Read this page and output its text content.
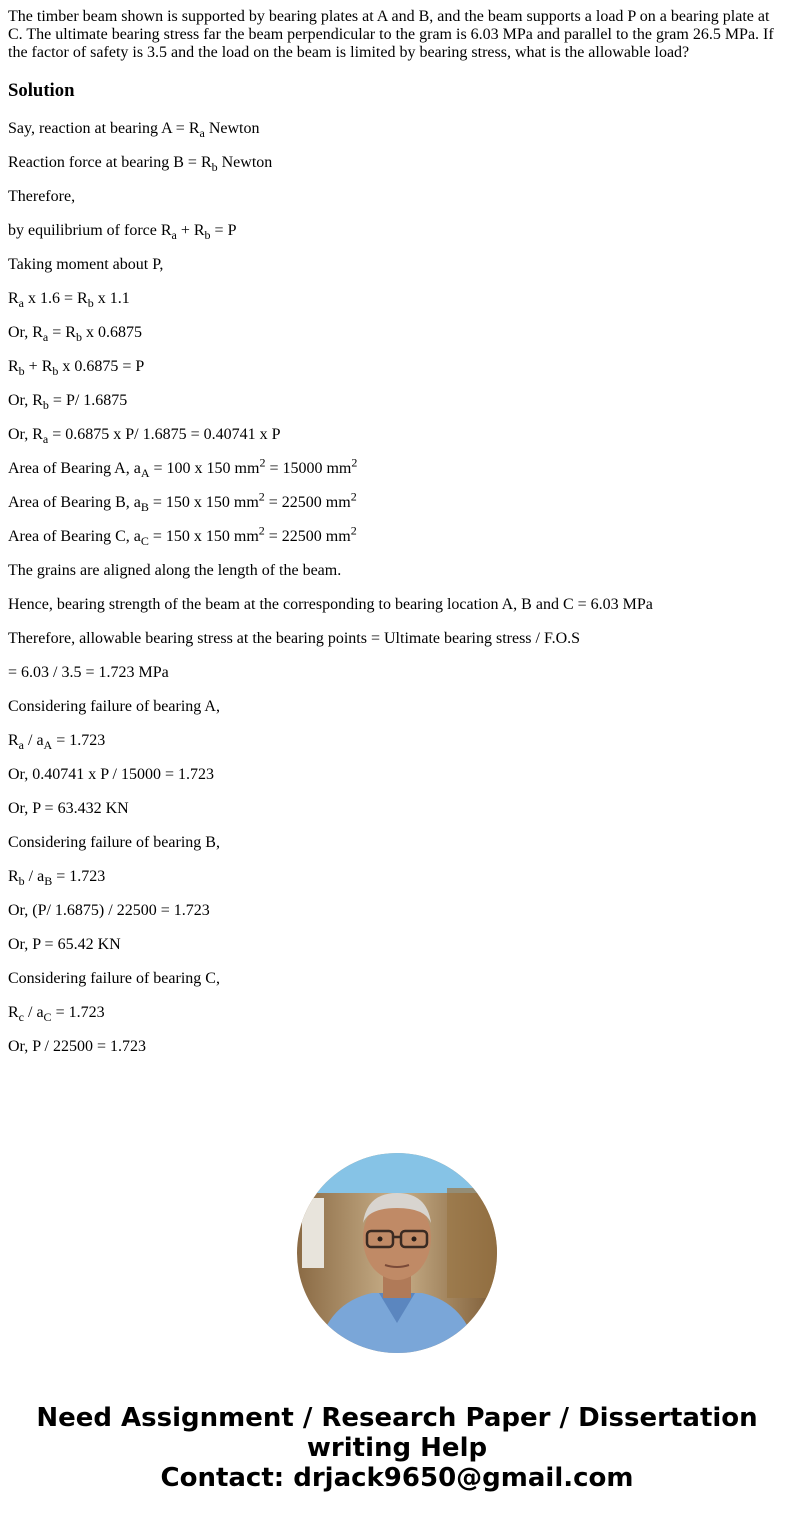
The timber beam shown is supported by bearing plates at A and B, and the beam supports a load P on a bearing plate at C. The ultimate bearing stress far the beam perpendicular to the gram is 6.03 MPa and parallel to the gram 26.5 MPa. If the factor of safety is 3.5 and the load on the beam is limited by bearing stress, what is the allowable load?

Solution

Say, reaction at bearing $A = R_a$ Newton

Reaction force at bearing $B = R_b$ Newton

Therefore,

by equilibrium of force $R_a + R_b = P$

Taking moment about P,

$R_a$ x $1.6 = R_b$ x 1.1

Or, $R_a = R_b$ x 0.6875

$R_b + R_b$ x 0.6875 = P

Or, $R_b = P/$ 1.6875

Or, $R_a = 0.6875$ x P/ 1.6875 = 0.40741 x P

Area of Bearing A, $a_A = 100$ x 150 $mm^2 = 15000$ $mm^2$

Area of Bearing B, $a_B = 150$ x 150 $mm^2 = 22500$ $mm^2$

Area of Bearing C, $a_C = 150$ x 150 $mm^2 = 22500$ $mm^2$

The grains are aligned along the length of the beam.

Hence, bearing strength of the beam at the corresponding to bearing location A, B and C = 6.03 MPa

Therefore, allowable bearing stress at the bearing points = Ultimate bearing stress / F.O.S

= 6.03 / 3.5 = 1.723 MPa

Considering failure of bearing A,

$R_a / a_A = 1.723$

Or, 0.40741 x P / 15000 = 1.723

Or, P = 63.432 KN

Considering failure of bearing B,

$R_b / a_B = 1.723$

Or, (P/ 1.6875) / 22500 = 1.723

Or, P = 65.42 KN

Considering failure of bearing C,

$R_c / a_C = 1.723$

Or, P / 22500 = 1.723

Need Assignment / Research Paper / Dissertation
writing Help
Contact: drjack9650@gmail.com
